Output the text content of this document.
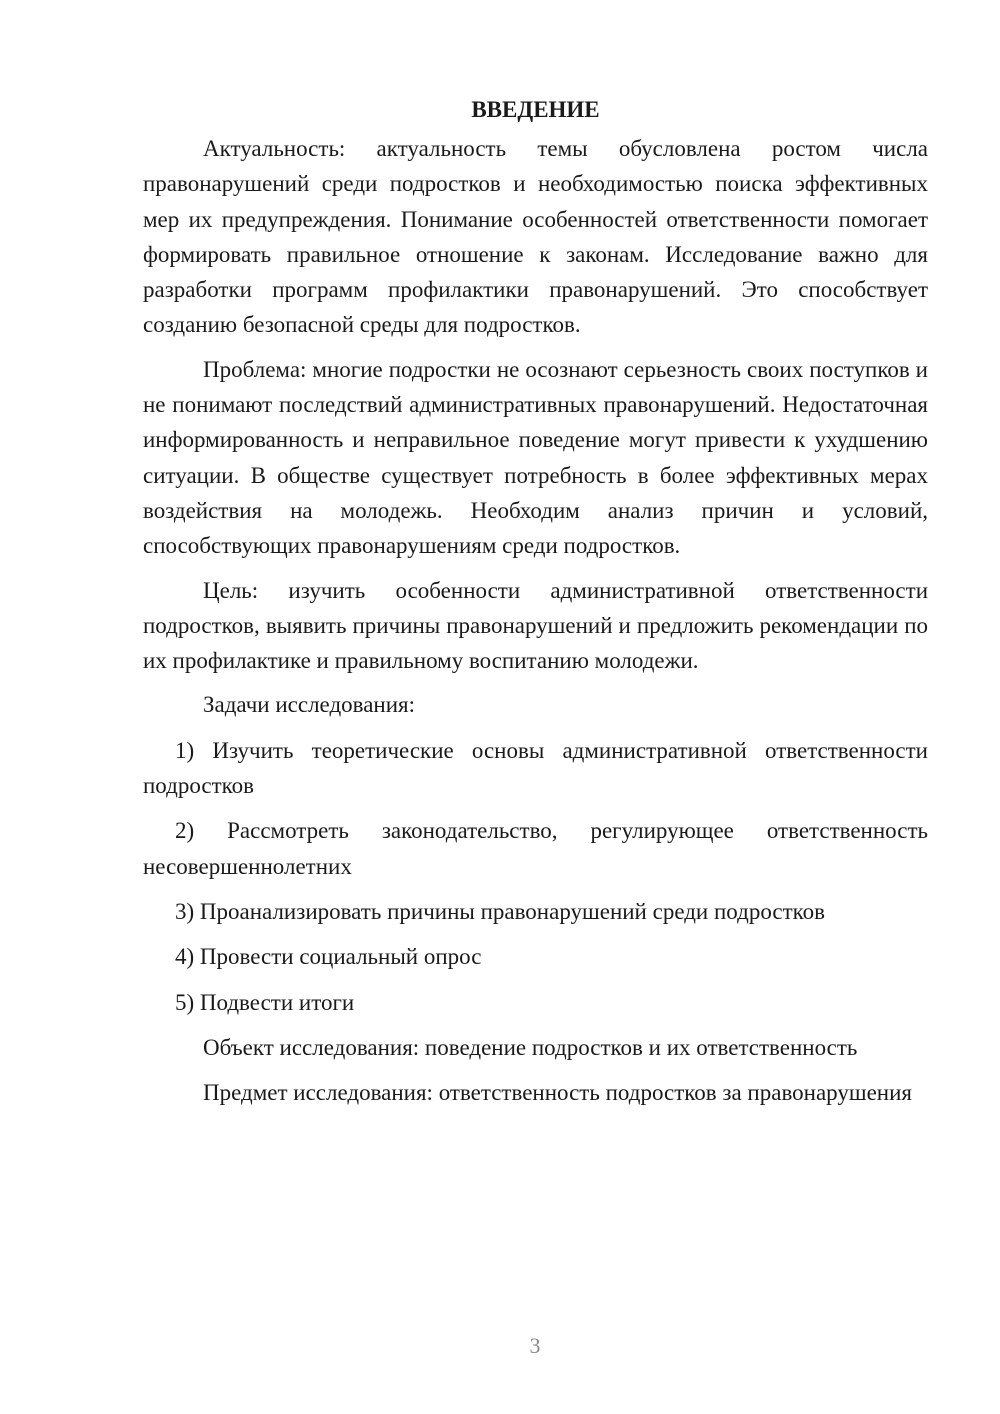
ВВЕДЕНИЕ

Актуальность: актуальность темы обусловлена ростом числа правонарушений среди подростков и необходимостью поиска эффективных мер их предупреждения. Понимание особенностей ответственности помогает формировать правильное отношение к законам. Исследование важно для разработки программ профилактики правонарушений. Это способствует созданию безопасной среды для подростков.

Проблема: многие подростки не осознают серьезность своих поступков и не понимают последствий административных правонарушений. Недостаточная информированность и неправильное поведение могут привести к ухудшению ситуации. В обществе существует потребность в более эффективных мерах воздействия на молодежь. Необходим анализ причин и условий, способствующих правонарушениям среди подростков.

Цель: изучить особенности административной ответственности подростков, выявить причины правонарушений и предложить рекомендации по их профилактике и правильному воспитанию молодежи.

Задачи исследования:

1) Изучить теоретические основы административной ответственности подростков

2) Рассмотреть законодательство, регулирующее ответственность несовершеннолетних

3) Проанализировать причины правонарушений среди подростков

4) Провести социальный опрос

5) Подвести итоги

Объект исследования: поведение подростков и их ответственность

Предмет исследования: ответственность подростков за правонарушения

3
